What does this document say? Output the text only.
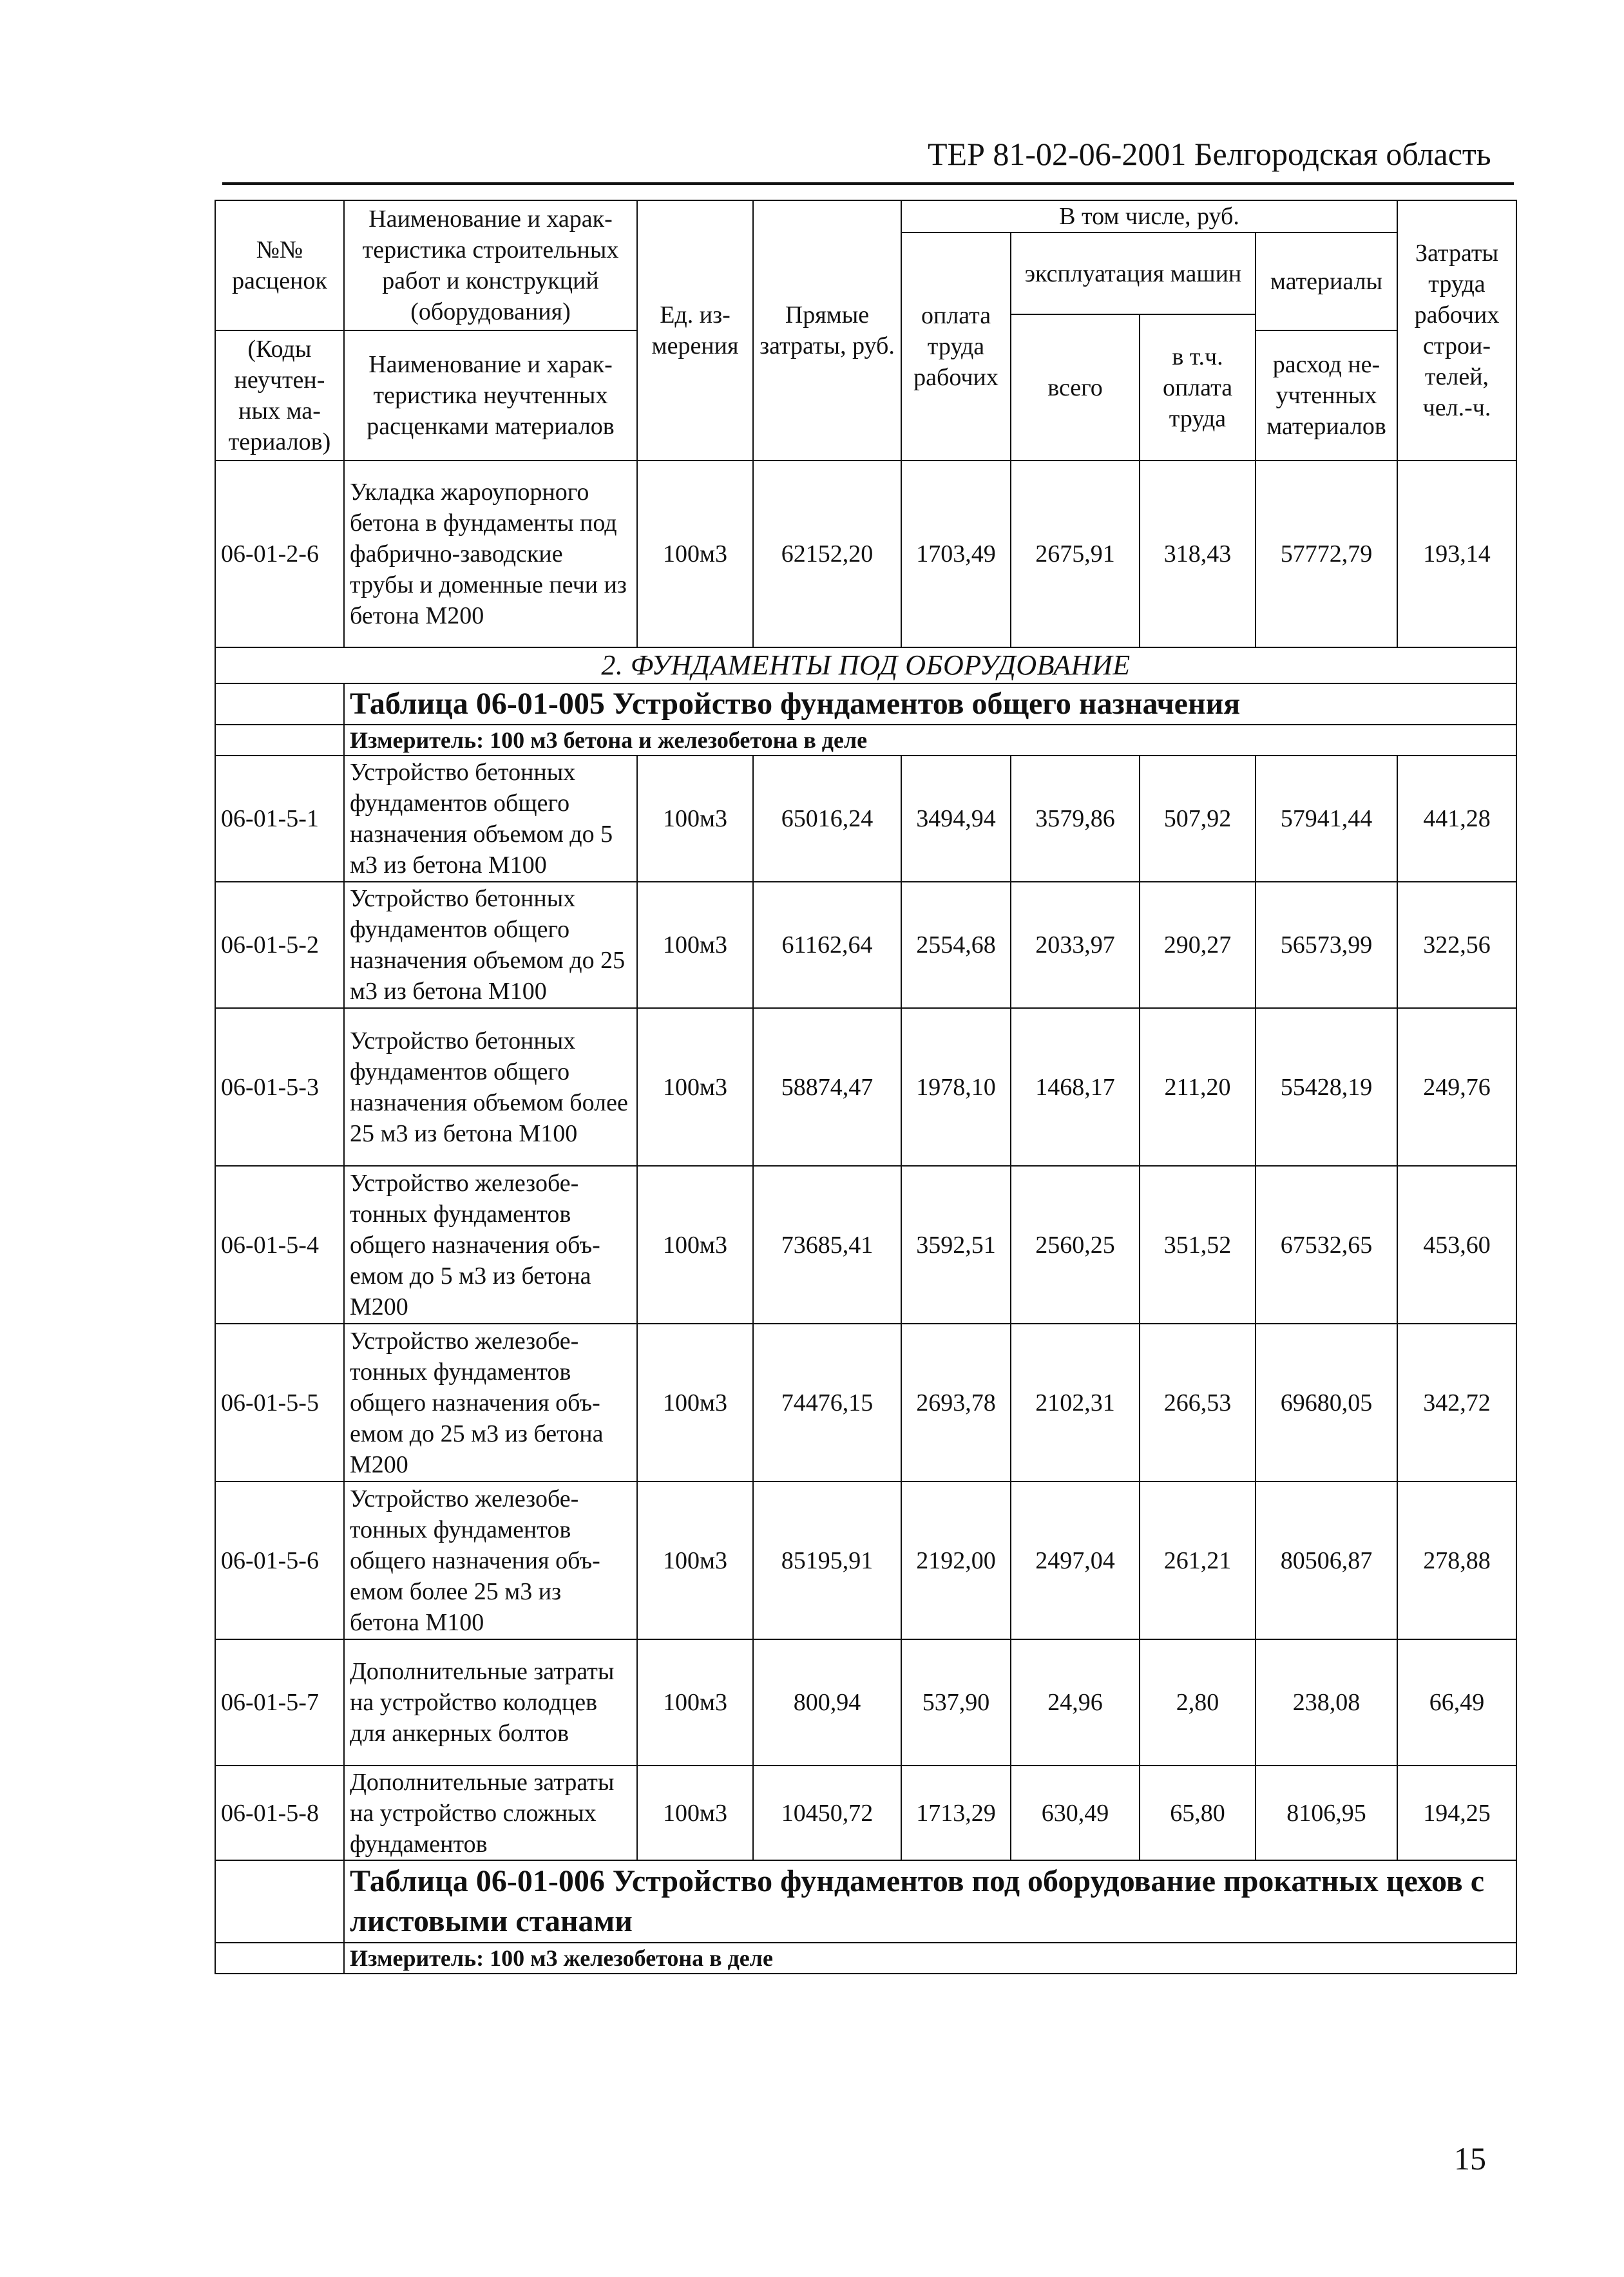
ТЕР 81-02-06-2001 Белгородская область
№№ расценок	Наименование и характеристика строительных работ и конструкций (оборудования)	Ед. измерения	Прямые затраты, руб.	В том числе, руб.				Затраты труда рабочих строителей, чел.-ч.
				оплата труда рабочих	эксплуатация машин		материалы	
					всего	в т.ч. оплата труда		
(Коды неучтенных материалов)	Наименование и характеристика неучтенных расценками материалов						расход неучтенных материалов	

06-01-2-6	Укладка жароупорного бетона в фундаменты под фабрично-заводские трубы и доменные печи из бетона М200	100м3	62152,20	1703,49	2675,91	318,43	57772,79	193,14
2. ФУНДАМЕНТЫ ПОД ОБОРУДОВАНИЕ								
	Таблица 06-01-005 Устройство фундаментов общего назначения							
	Измеритель: 100 м3 бетона и железобетона в деле							
06-01-5-1	Устройство бетонных фундаментов общего назначения объемом до 5 м3 из бетона М100	100м3	65016,24	3494,94	3579,86	507,92	57941,44	441,28
06-01-5-2	Устройство бетонных фундаментов общего назначения объемом до 25 м3 из бетона М100	100м3	61162,64	2554,68	2033,97	290,27	56573,99	322,56
06-01-5-3	Устройство бетонных фундаментов общего назначения объемом более 25 м3 из бетона М100	100м3	58874,47	1978,10	1468,17	211,20	55428,19	249,76
06-01-5-4	Устройство железобетонных фундаментов общего назначения объемом до 5 м3 из бетона М200	100м3	73685,41	3592,51	2560,25	351,52	67532,65	453,60
06-01-5-5	Устройство железобетонных фундаментов общего назначения объемом до 25 м3 из бетона М200	100м3	74476,15	2693,78	2102,31	266,53	69680,05	342,72
06-01-5-6	Устройство железобетонных фундаментов общего назначения объемом более 25 м3 из бетона М100	100м3	85195,91	2192,00	2497,04	261,21	80506,87	278,88
06-01-5-7	Дополнительные затраты на устройство колодцев для анкерных болтов	100м3	800,94	537,90	24,96	2,80	238,08	66,49
06-01-5-8	Дополнительные затраты на устройство сложных фундаментов	100м3	10450,72	1713,29	630,49	65,80	8106,95	194,25
	Таблица 06-01-006 Устройство фундаментов под оборудование прокатных цехов с листовыми станами							
	Измеритель: 100 м3 железобетона в деле							
15
